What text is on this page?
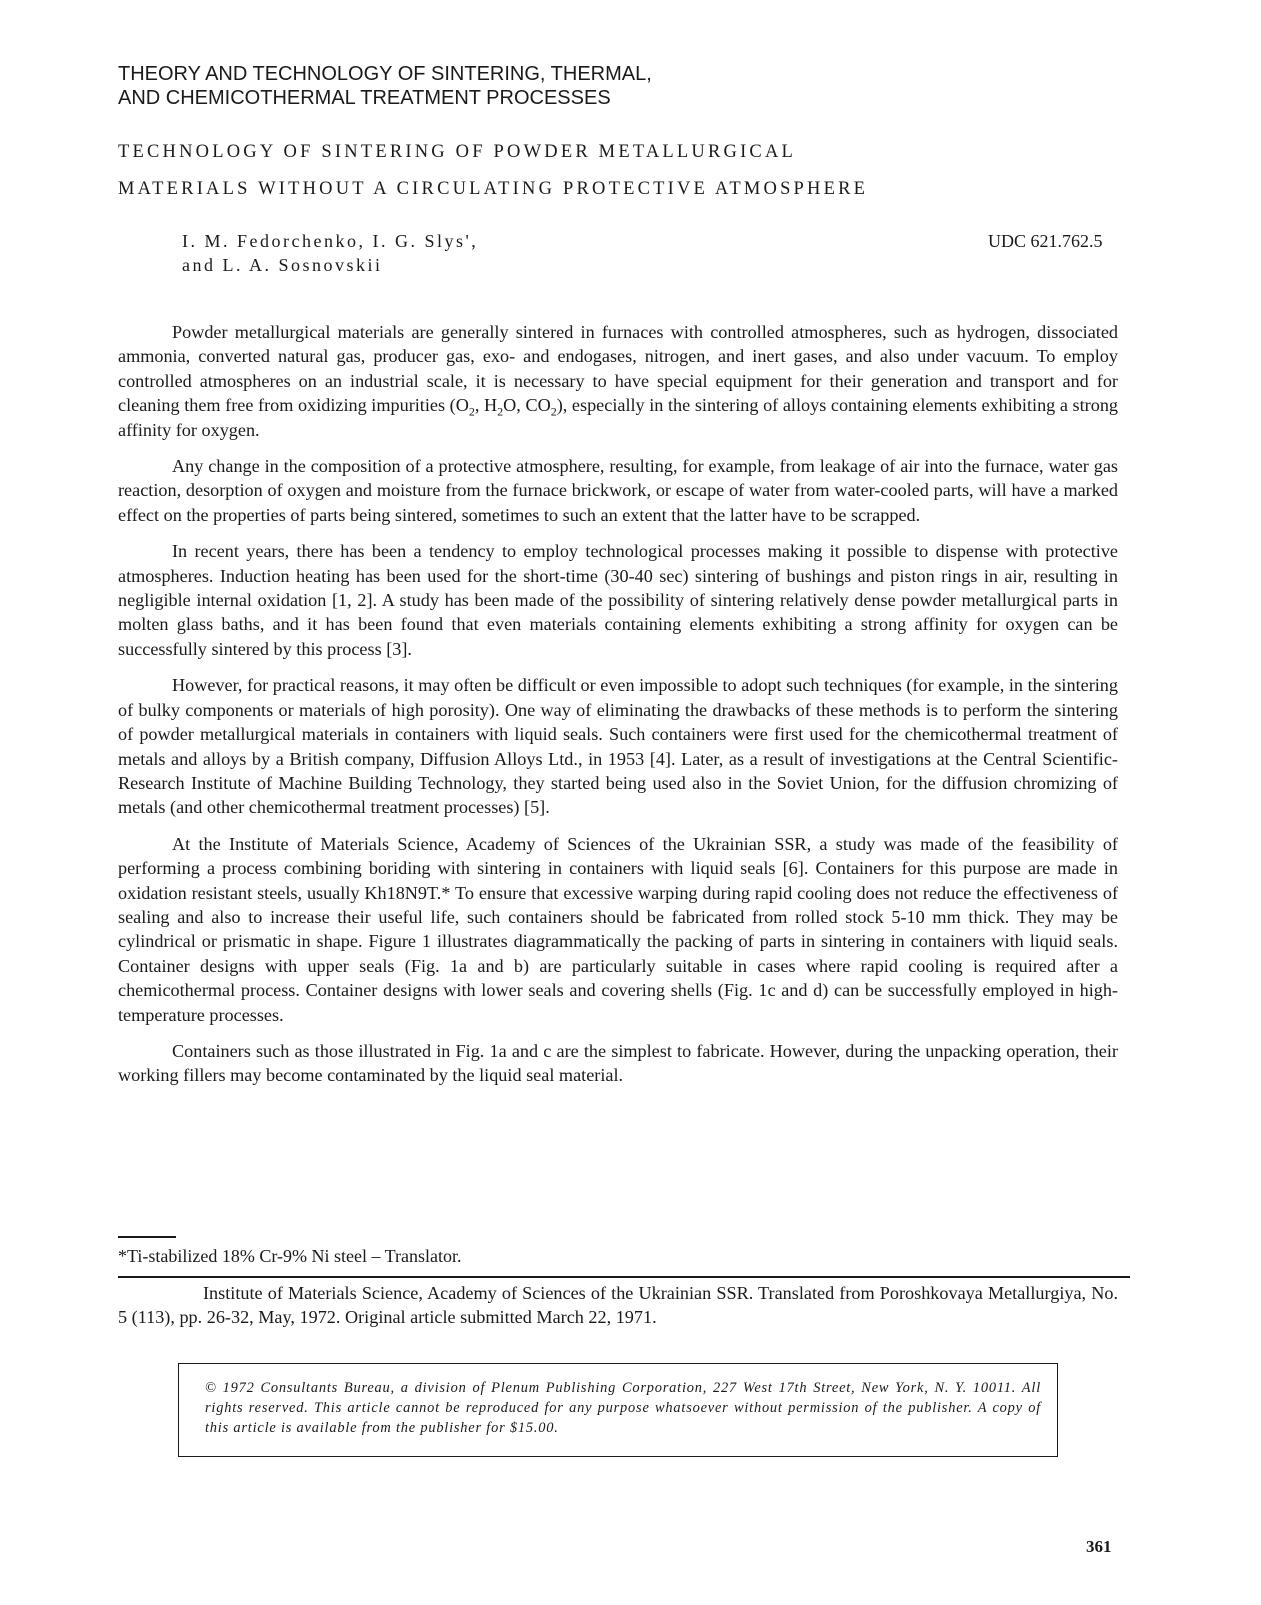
THEORY AND TECHNOLOGY OF SINTERING, THERMAL,
AND CHEMICOTHERMAL TREATMENT PROCESSES
TECHNOLOGY OF SINTERING OF POWDER METALLURGICAL
MATERIALS WITHOUT A CIRCULATING PROTECTIVE ATMOSPHERE
I. M. Fedorchenko, I. G. Slys',
and L. A. Sosnovskii
UDC 621.762.5

Powder metallurgical materials are generally sintered in furnaces with controlled atmospheres, such as hydrogen, dissociated ammonia, converted natural gas, producer gas, exo- and endogases, nitrogen, and inert gases, and also under vacuum. To employ controlled atmospheres on an industrial scale, it is necessary to have special equipment for their generation and transport and for cleaning them free from oxidizing impurities ($O_2$, $H_2O$, $CO_2$), especially in the sintering of alloys containing elements exhibiting a strong affinity for oxygen.

Any change in the composition of a protective atmosphere, resulting, for example, from leakage of air into the furnace, water gas reaction, desorption of oxygen and moisture from the furnace brickwork, or escape of water from water-cooled parts, will have a marked effect on the properties of parts being sintered, sometimes to such an extent that the latter have to be scrapped.

In recent years, there has been a tendency to employ technological processes making it possible to dispense with protective atmospheres. Induction heating has been used for the short-time (30-40 sec) sintering of bushings and piston rings in air, resulting in negligible internal oxidation [1, 2]. A study has been made of the possibility of sintering relatively dense powder metallurgical parts in molten glass baths, and it has been found that even materials containing elements exhibiting a strong affinity for oxygen can be successfully sintered by this process [3].

However, for practical reasons, it may often be difficult or even impossible to adopt such techniques (for example, in the sintering of bulky components or materials of high porosity). One way of eliminating the drawbacks of these methods is to perform the sintering of powder metallurgical materials in containers with liquid seals. Such containers were first used for the chemicothermal treatment of metals and alloys by a British company, Diffusion Alloys Ltd., in 1953 [4]. Later, as a result of investigations at the Central Scientific-Research Institute of Machine Building Technology, they started being used also in the Soviet Union, for the diffusion chromizing of metals (and other chemicothermal treatment processes) [5].

At the Institute of Materials Science, Academy of Sciences of the Ukrainian SSR, a study was made of the feasibility of performing a process combining boriding with sintering in containers with liquid seals [6]. Containers for this purpose are made in oxidation resistant steels, usually Kh18N9T.* To ensure that excessive warping during rapid cooling does not reduce the effectiveness of sealing and also to increase their useful life, such containers should be fabricated from rolled stock 5-10 mm thick. They may be cylindrical or prismatic in shape. Figure 1 illustrates diagrammatically the packing of parts in sintering in containers with liquid seals. Container designs with upper seals (Fig. 1a and b) are particularly suitable in cases where rapid cooling is required after a chemicothermal process. Container designs with lower seals and covering shells (Fig. 1c and d) can be successfully employed in high-temperature processes.

Containers such as those illustrated in Fig. 1a and c are the simplest to fabricate. However, during the unpacking operation, their working fillers may become contaminated by the liquid seal material.

*Ti-stabilized 18% Cr-9% Ni steel – Translator.
Institute of Materials Science, Academy of Sciences of the Ukrainian SSR. Translated from Poroshkovaya Metallurgiya, No. 5 (113), pp. 26-32, May, 1972. Original article submitted March 22, 1971.
© 1972 Consultants Bureau, a division of Plenum Publishing Corporation, 227 West 17th Street, New York, N. Y. 10011. All rights reserved. This article cannot be reproduced for any purpose whatsoever without permission of the publisher. A copy of this article is available from the publisher for $15.00.
361
